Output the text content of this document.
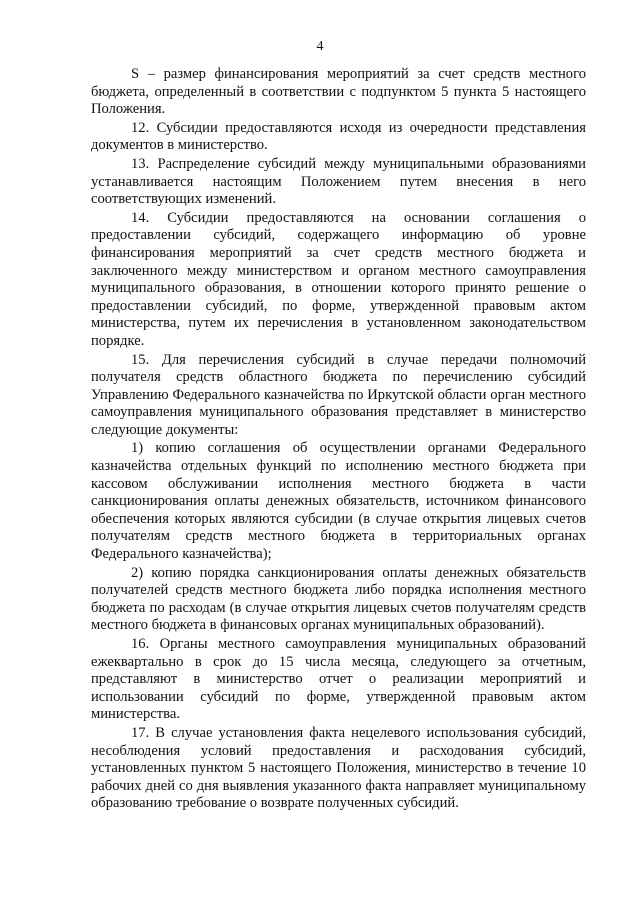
4

S – размер финансирования мероприятий за счет средств местного бюджета, определенный в соответствии с подпунктом 5 пункта 5 настоящего Положения.

12. Субсидии предоставляются исходя из очередности представления документов в министерство.

13. Распределение субсидий между муниципальными образованиями устанавливается настоящим Положением путем внесения в него соответствующих изменений.

14. Субсидии предоставляются на основании соглашения о предоставлении субсидий, содержащего информацию об уровне финансирования мероприятий за счет средств местного бюджета и заключенного между министерством и органом местного самоуправления муниципального образования, в отношении которого принято решение о предоставлении субсидий, по форме, утвержденной правовым актом министерства, путем их перечисления в установленном законодательством порядке.

15. Для перечисления субсидий в случае передачи полномочий получателя средств областного бюджета по перечислению субсидий Управлению Федерального казначейства по Иркутской области орган местного самоуправления муниципального образования представляет в министерство следующие документы:

1) копию соглашения об осуществлении органами Федерального казначейства отдельных функций по исполнению местного бюджета при кассовом обслуживании исполнения местного бюджета в части санкционирования оплаты денежных обязательств, источником финансового обеспечения которых являются субсидии (в случае открытия лицевых счетов получателям средств местного бюджета в территориальных органах Федерального казначейства);

2) копию порядка санкционирования оплаты денежных обязательств получателей средств местного бюджета либо порядка исполнения местного бюджета по расходам (в случае открытия лицевых счетов получателям средств местного бюджета в финансовых органах муниципальных образований).

16. Органы местного самоуправления муниципальных образований ежеквартально в срок до 15 числа месяца, следующего за отчетным, представляют в министерство отчет о реализации мероприятий и использовании субсидий по форме, утвержденной правовым актом министерства.

17. В случае установления факта нецелевого использования субсидий, несоблюдения условий предоставления и расходования субсидий, установленных пунктом 5 настоящего Положения, министерство в течение 10 рабочих дней со дня выявления указанного факта направляет муниципальному образованию требование о возврате полученных субсидий.
